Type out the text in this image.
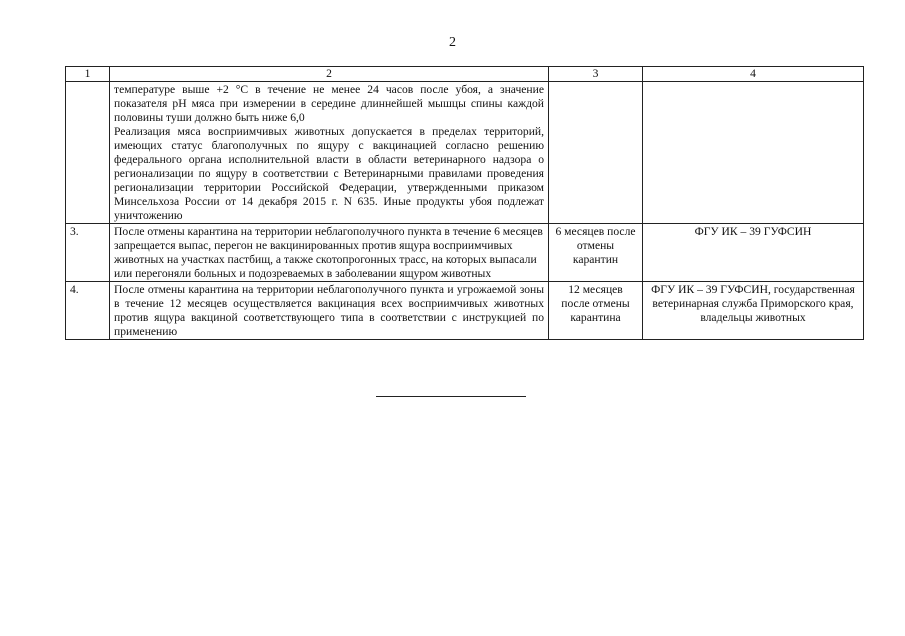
2
1	2	3	4

	температуре выше +2 °С в течение не менее 24 часов после убоя, а значение показателя рН мяса при измерении в середине длиннейшей мышцы спины каждой половины туши должно быть ниже 6,0

Реализация мяса восприимчивых животных допускается в пределах территорий, имеющих статус благополучных по ящуру с вакцинацией согласно решению федерального органа исполнительной власти в области ветеринарного надзора о регионализации по ящуру в соответствии с Ветеринарными правилами проведения регионализации территории Российской Федерации, утвержденными приказом Минсельхоза России от 14 декабря 2015 г. N 635. Иные продукты убоя подлежат уничтожению		

3.	После отмены карантина на территории неблагополучного пункта в течение 6 месяцев запрещается выпас, перегон не вакцинированных против ящура восприимчивых животных на участках пастбищ, а также скотопрогонных трасс, на которых выпасали или перегоняли больных и подозреваемых в заболевании ящуром животных	6 месяцев после отмены карантин	ФГУ ИК – 39 ГУФСИН
4.	После отмены карантина на территории неблагополучного пункта и угрожаемой зоны в течение 12 месяцев осуществляется вакцинация всех восприимчивых животных против ящура вакциной соответствующего типа в соответствии с инструкцией по применению	12 месяцев после отмены карантина	ФГУ ИК – 39 ГУФСИН, государственная ветеринарная служба Приморского края, владельцы животных
